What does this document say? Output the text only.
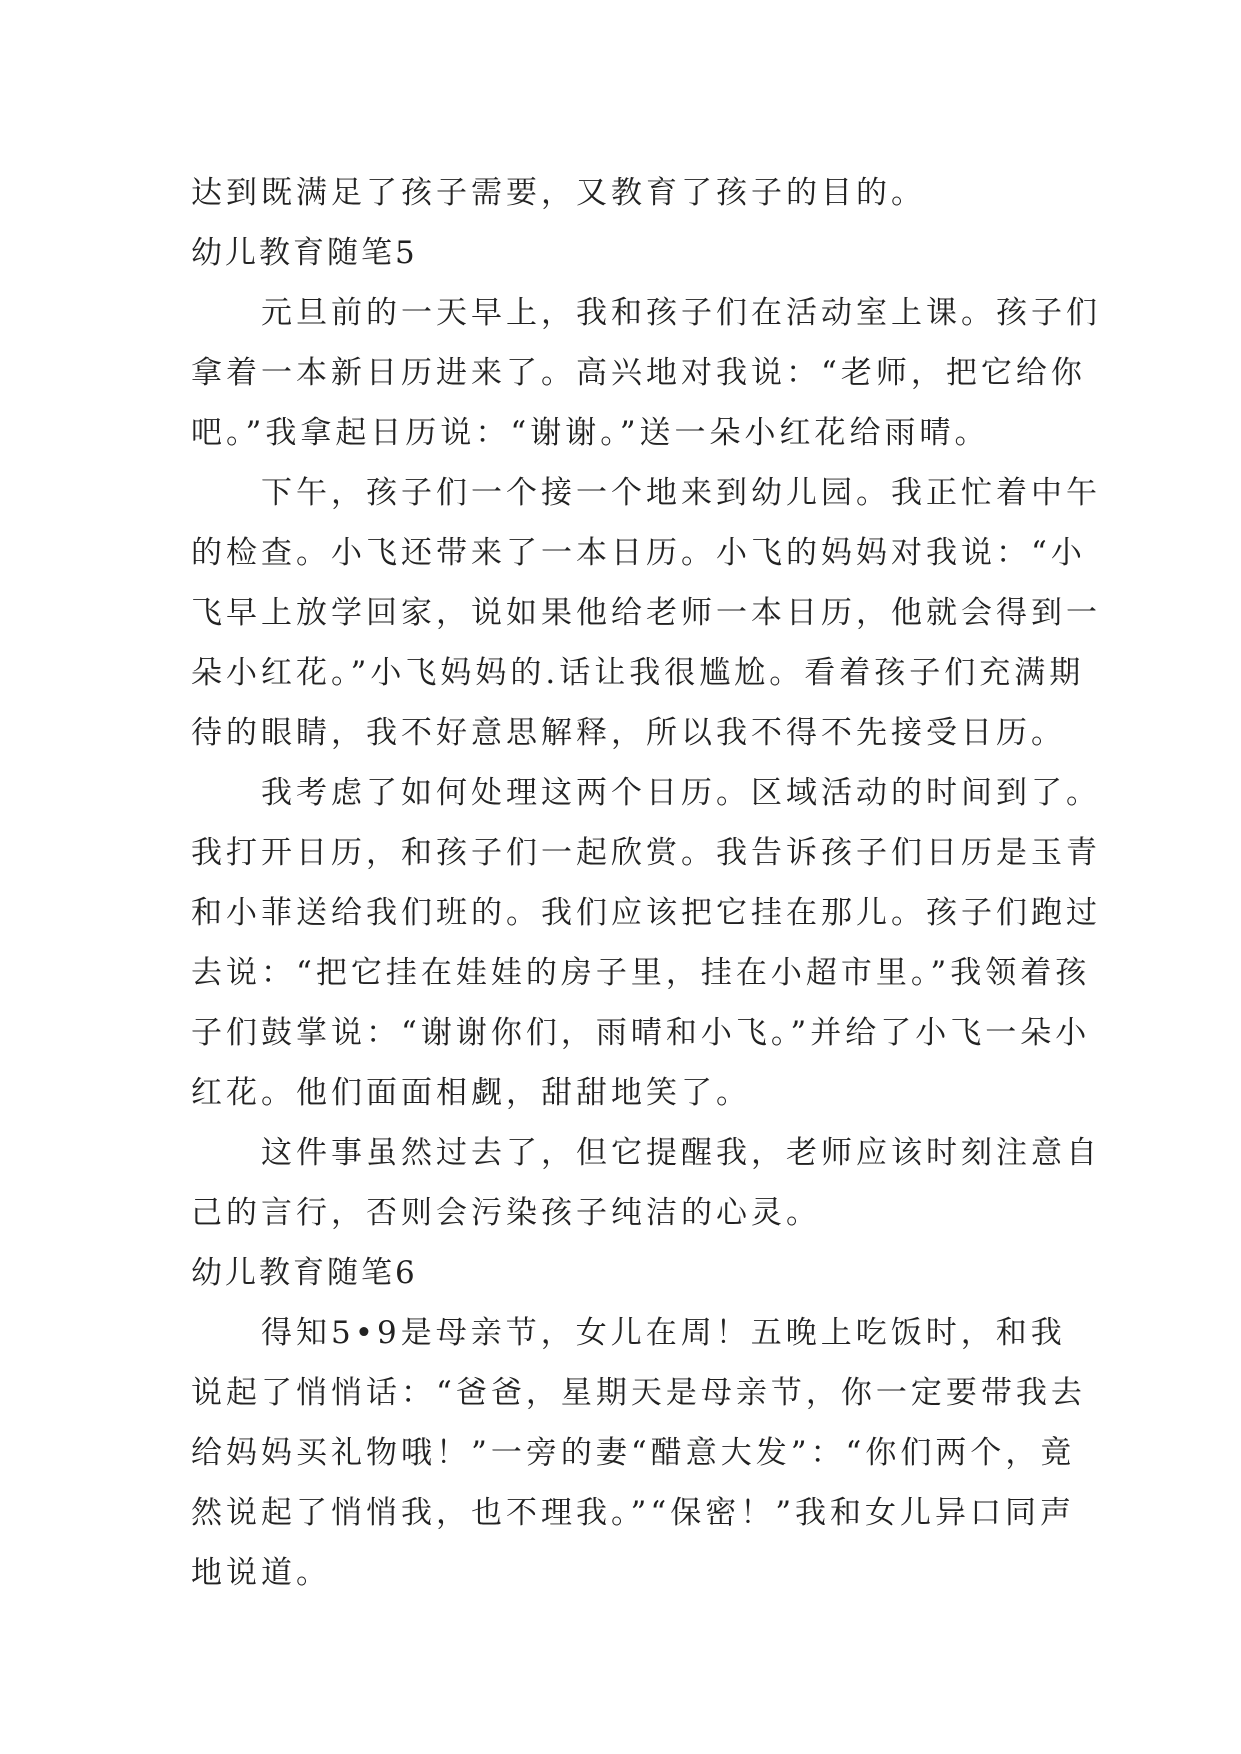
达到既满足了孩子需要，又教育了孩子的目的。
幼儿教育随笔5
元旦前的一天早上，我和孩子们在活动室上课。孩子们
拿着一本新日历进来了。高兴地对我说：“老师，把它给你
吧。”我拿起日历说：“谢谢。”送一朵小红花给雨晴。
下午，孩子们一个接一个地来到幼儿园。我正忙着中午
的检查。小飞还带来了一本日历。小飞的妈妈对我说：“小
飞早上放学回家，说如果他给老师一本日历，他就会得到一
朵小红花。”小飞妈妈的.话让我很尴尬。看着孩子们充满期
待的眼睛，我不好意思解释，所以我不得不先接受日历。
我考虑了如何处理这两个日历。区域活动的时间到了。
我打开日历，和孩子们一起欣赏。我告诉孩子们日历是玉青
和小菲送给我们班的。我们应该把它挂在那儿。孩子们跑过
去说：“把它挂在娃娃的房子里，挂在小超市里。”我领着孩
子们鼓掌说：“谢谢你们，雨晴和小飞。”并给了小飞一朵小
红花。他们面面相觑，甜甜地笑了。
这件事虽然过去了，但它提醒我，老师应该时刻注意自
己的言行，否则会污染孩子纯洁的心灵。
幼儿教育随笔6
得知5•9是母亲节，女儿在周！五晚上吃饭时，和我
说起了悄悄话：“爸爸，星期天是母亲节，你一定要带我去
给妈妈买礼物哦！”一旁的妻“醋意大发”：“你们两个，竟
然说起了悄悄我，也不理我。”“保密！”我和女儿异口同声
地说道。
